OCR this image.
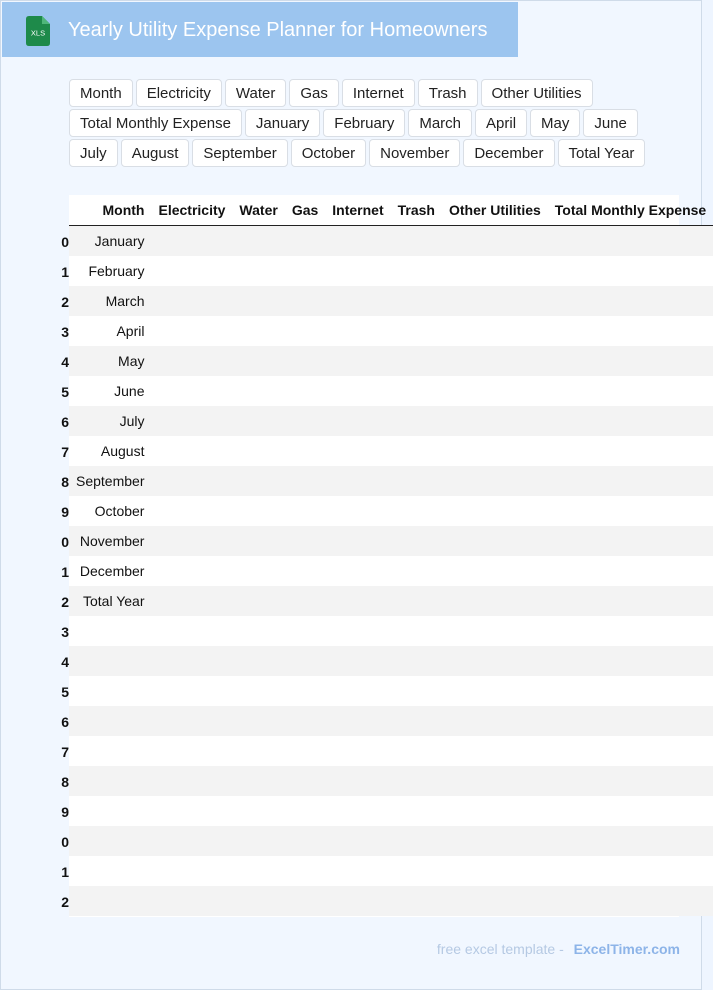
XLS Yearly Utility Expense Planner for Homeowners
Month	Electricity	Water	Gas	Internet	Trash	Other Utilities
Total Monthly Expense	January	February	March	April	May	June
July	August	September	October	November	December	Total Year
	Month	Electricity	Water	Gas	Internet	Trash	Other Utilities	Total Monthly Expense

0	January							

1	February							

2	March							

3	April							

4	May							

5	June							

6	July							

7	August							

8	September							

9	October							

0	November							

1	December							

2	Total Year							

3							

4							

5							

6							

7							

8							

9							

0							

1							

2							

free excel template - ExcelTimer.com
